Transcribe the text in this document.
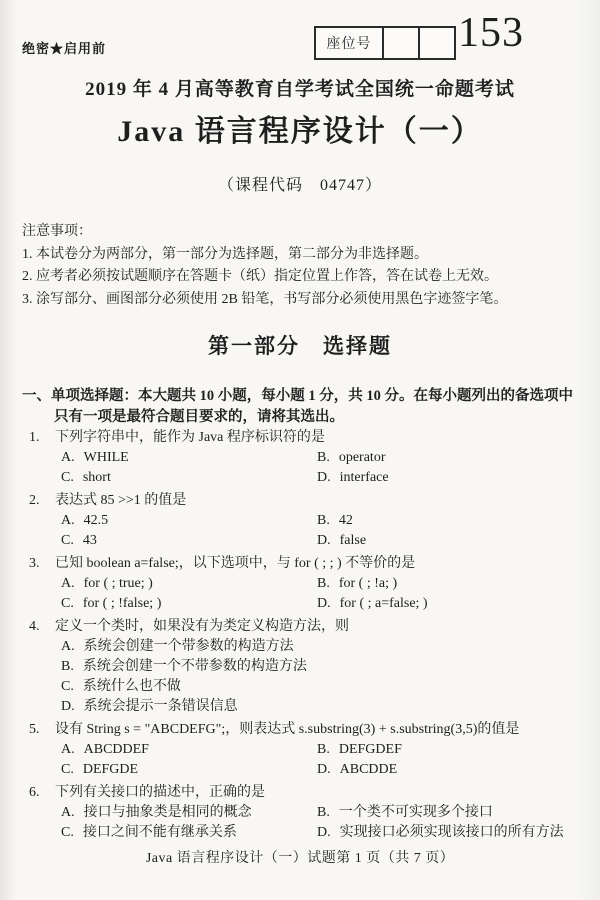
绝密★启用前	座位号 153
2019 年 4 月高等教育自学考试全国统一命题考试
Java 语言程序设计（一）
（课程代码　04747）
注意事项：
1. 本试卷分为两部分，第一部分为选择题，第二部分为非选择题。
2. 应考者必须按试题顺序在答题卡（纸）指定位置上作答，答在试卷上无效。
3. 涂写部分、画图部分必须使用 2B 铅笔，书写部分必须使用黑色字迹签字笔。
第一部分　选择题
一、单项选择题：本大题共 10 小题，每小题 1 分，共 10 分。在每小题列出的备选项中
只有一项是最符合题目要求的，请将其选出。
1.	下列字符串中，能作为 Java 程序标识符的是
A. WHILE	B. operator
C. short	D. interface
2.	表达式 85 >>1 的值是
A. 42.5	B. 42
C. 43	D. false
3.	已知 boolean a=false;，以下选项中，与 for ( ; ; ) 不等价的是
A. for ( ; true; )	B. for ( ; !a; )
C. for ( ; !false; )	D. for ( ; a=false; )
4.	定义一个类时，如果没有为类定义构造方法，则
A. 系统会创建一个带参数的构造方法
B. 系统会创建一个不带参数的构造方法
C. 系统什么也不做
D. 系统会提示一条错误信息
5.	设有 String s = "ABCDEFG";，则表达式 s.substring(3) + s.substring(3,5)的值是
A. ABCDDEF	B. DEFGDEF
C. DEFGDE	D. ABCDDE
6.	下列有关接口的描述中，正确的是
A. 接口与抽象类是相同的概念	B. 一个类不可实现多个接口
C. 接口之间不能有继承关系	D. 实现接口必须实现该接口的所有方法
Java 语言程序设计（一）试题第 1 页（共 7 页）
